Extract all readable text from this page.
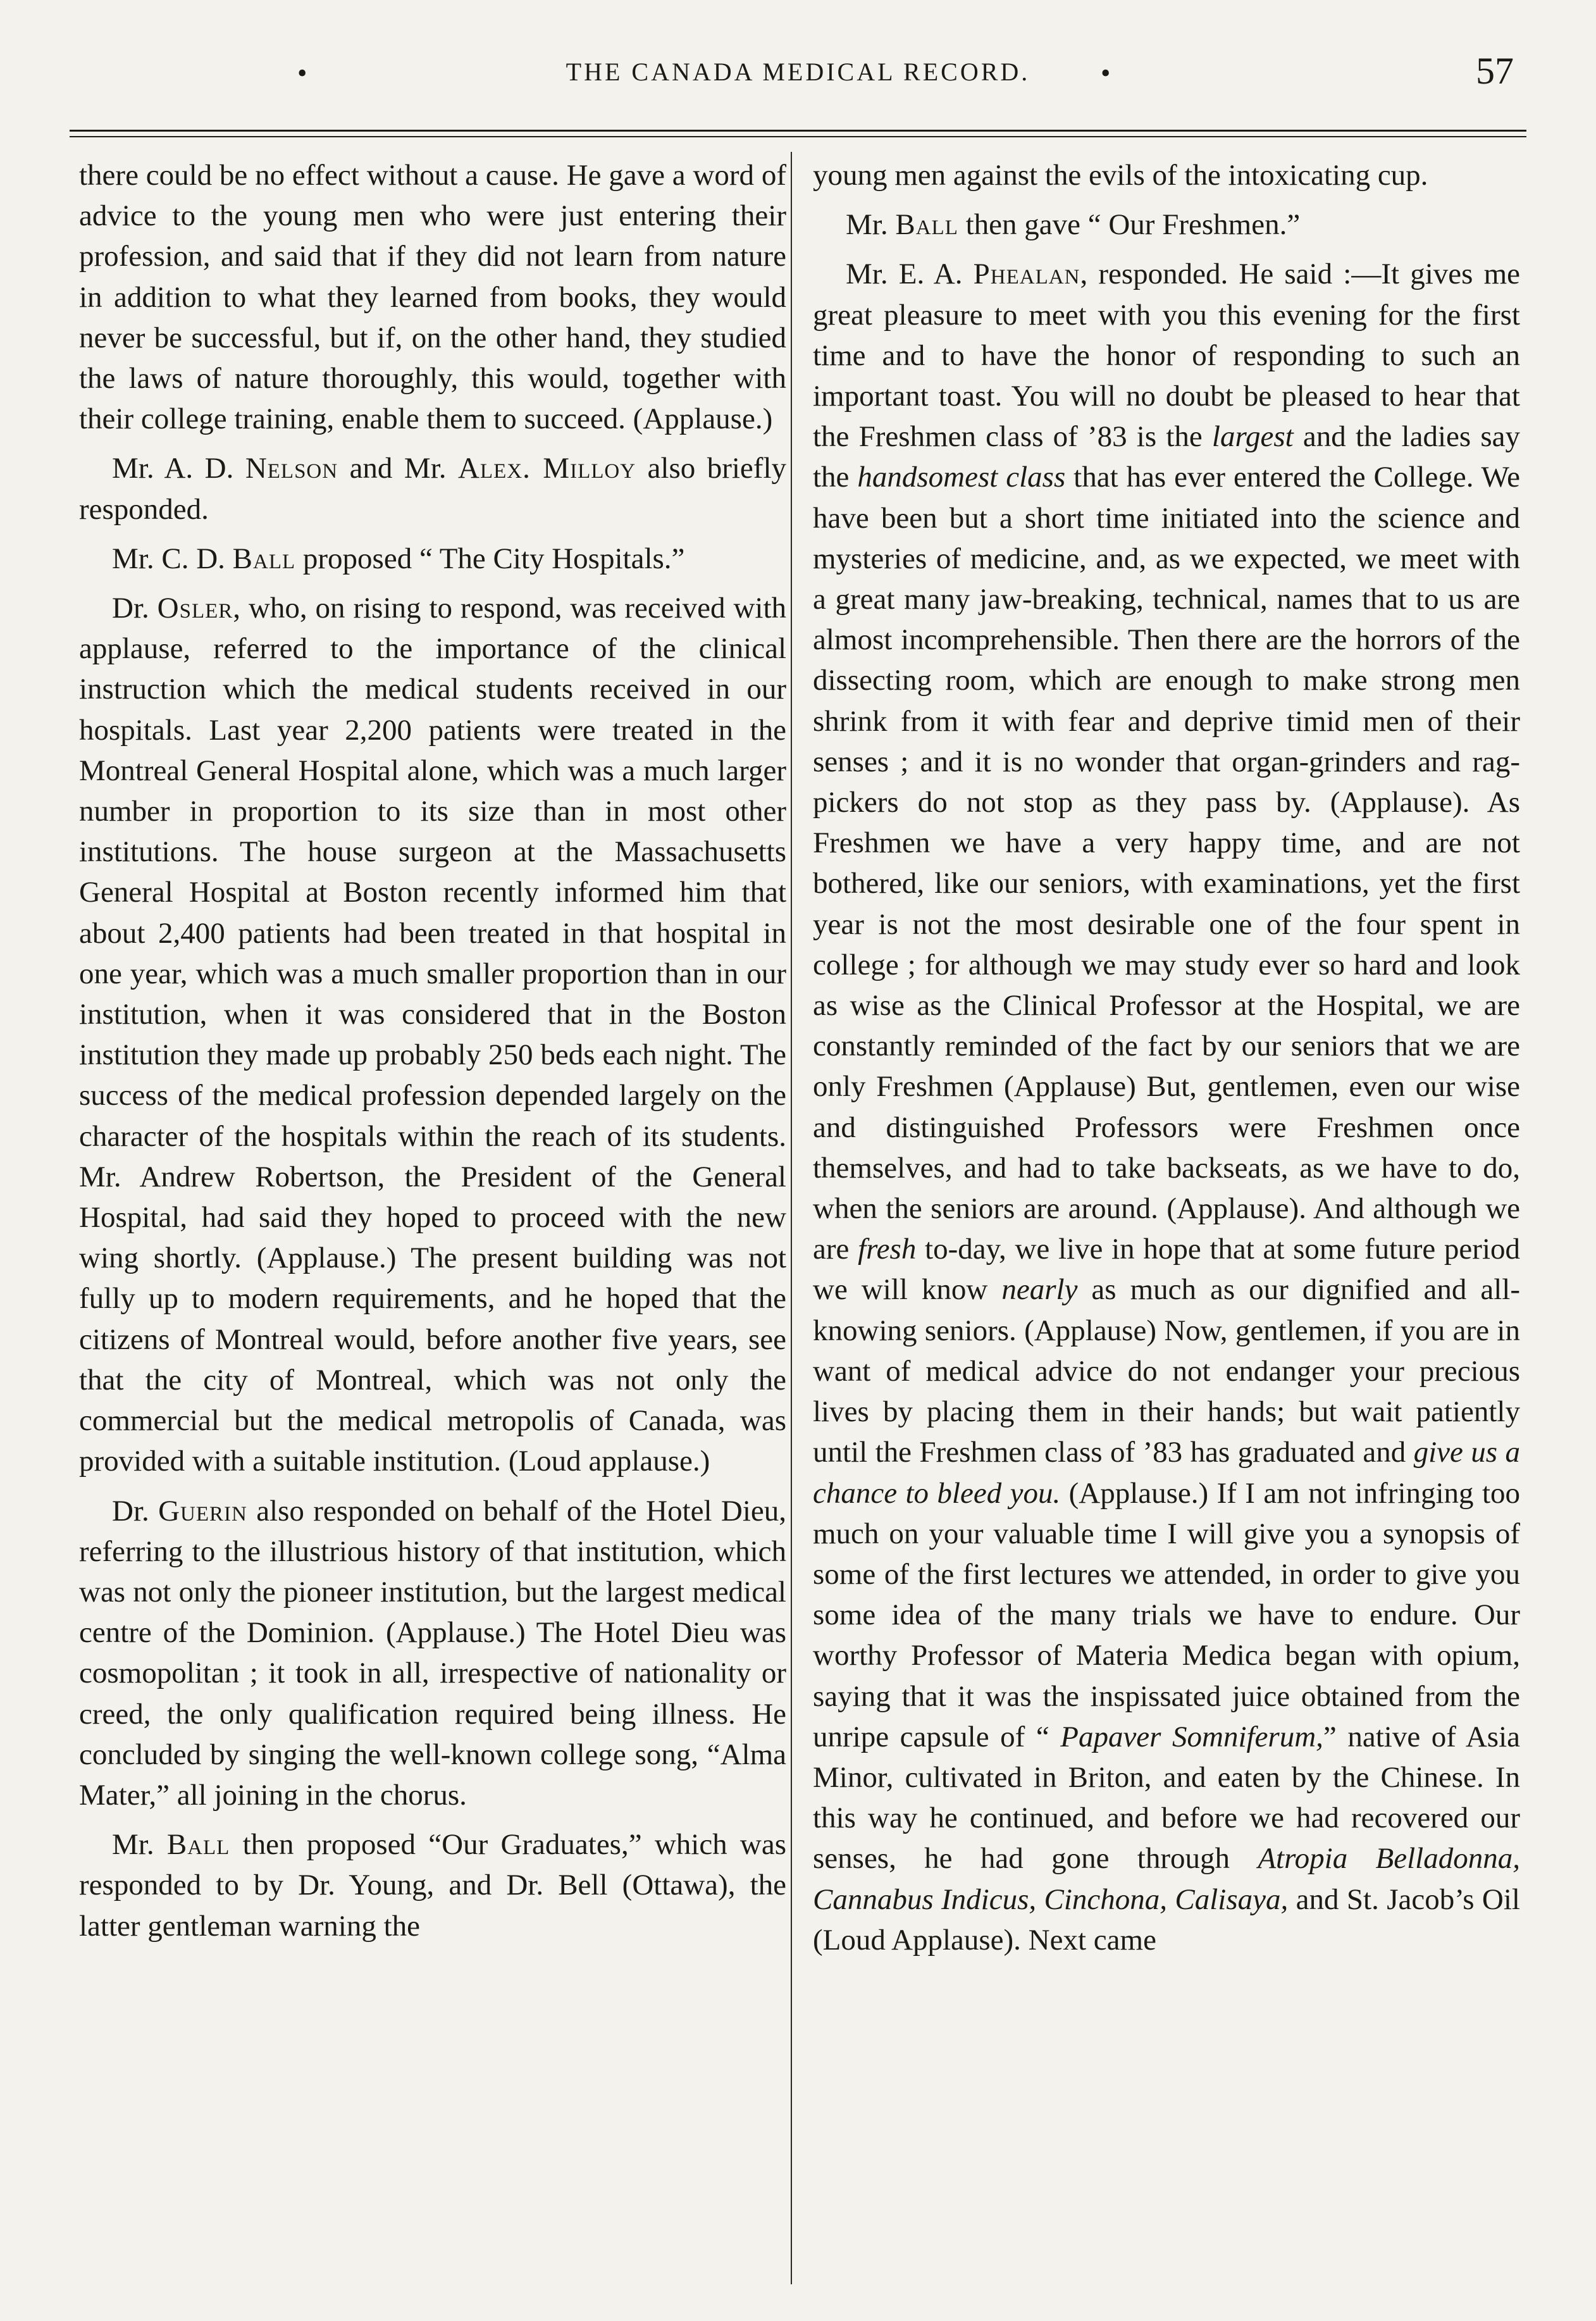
•	THE CANADA MEDICAL RECORD.	•	57

there could be no effect without a cause. He gave a word of advice to the young men who were just entering their profession, and said that if they did not learn from nature in addition to what they learned from books, they would never be successful, but if, on the other hand, they studied the laws of nature thoroughly, this would, together with their college training, enable them to succeed. (Applause.)

Mr. A. D. Nelson and Mr. Alex. Milloy also briefly responded.

Mr. C. D. Ball proposed “ The City Hospitals.”

Dr. Osler, who, on rising to respond, was received with applause, referred to the importance of the clinical instruction which the medical students received in our hospitals. Last year 2,200 patients were treated in the Montreal General Hospital alone, which was a much larger number in proportion to its size than in most other institutions. The house surgeon at the Massachusetts General Hospital at Boston recently informed him that about 2,400 patients had been treated in that hospital in one year, which was a much smaller proportion than in our institution, when it was considered that in the Boston institution they made up probably 250 beds each night. The success of the medical profession depended largely on the character of the hospitals within the reach of its students. Mr. Andrew Robertson, the President of the General Hospital, had said they hoped to proceed with the new wing shortly. (Applause.) The present building was not fully up to modern requirements, and he hoped that the citizens of Montreal would, before another five years, see that the city of Montreal, which was not only the commercial but the medical metropolis of Canada, was provided with a suitable institution. (Loud applause.)

Dr. Guerin also responded on behalf of the Hotel Dieu, referring to the illustrious history of that institution, which was not only the pioneer institution, but the largest medical centre of the Dominion. (Applause.) The Hotel Dieu was cosmopolitan ; it took in all, irrespective of nationality or creed, the only qualification required being illness. He concluded by singing the well-known college song, “Alma Mater,” all joining in the chorus.

Mr. Ball then proposed “Our Graduates,” which was responded to by Dr. Young, and Dr. Bell (Ottawa), the latter gentleman warning the

young men against the evils of the intoxicating cup.

Mr. Ball then gave “ Our Freshmen.”

Mr. E. A. Phealan, responded. He said :—It gives me great pleasure to meet with you this evening for the first time and to have the honor of responding to such an important toast. You will no doubt be pleased to hear that the Freshmen class of ’83 is the largest and the ladies say the handsomest class that has ever entered the College. We have been but a short time initiated into the science and mysteries of medicine, and, as we expected, we meet with a great many jaw-breaking, technical, names that to us are almost incomprehensible. Then there are the horrors of the dissecting room, which are enough to make strong men shrink from it with fear and deprive timid men of their senses ; and it is no wonder that organ-grinders and rag-pickers do not stop as they pass by. (Applause). As Freshmen we have a very happy time, and are not bothered, like our seniors, with examinations, yet the first year is not the most desirable one of the four spent in college ; for although we may study ever so hard and look as wise as the Clinical Professor at the Hospital, we are constantly reminded of the fact by our seniors that we are only Freshmen (Applause) But, gentlemen, even our wise and distinguished Professors were Freshmen once themselves, and had to take backseats, as we have to do, when the seniors are around. (Applause). And although we are fresh to-day, we live in hope that at some future period we will know nearly as much as our dignified and all-knowing seniors. (Applause) Now, gentlemen, if you are in want of medical advice do not endanger your precious lives by placing them in their hands; but wait patiently until the Freshmen class of ’83 has graduated and give us a chance to bleed you. (Applause.) If I am not infringing too much on your valuable time I will give you a synopsis of some of the first lectures we attended, in order to give you some idea of the many trials we have to endure. Our worthy Professor of Materia Medica began with opium, saying that it was the inspissated juice obtained from the unripe capsule of “ Papaver Somniferum,” native of Asia Minor, cultivated in Briton, and eaten by the Chinese. In this way he continued, and before we had recovered our senses, he had gone through Atropia Belladonna, Cannabus Indicus, Cinchona, Calisaya, and St. Jacob’s Oil (Loud Applause). Next came
